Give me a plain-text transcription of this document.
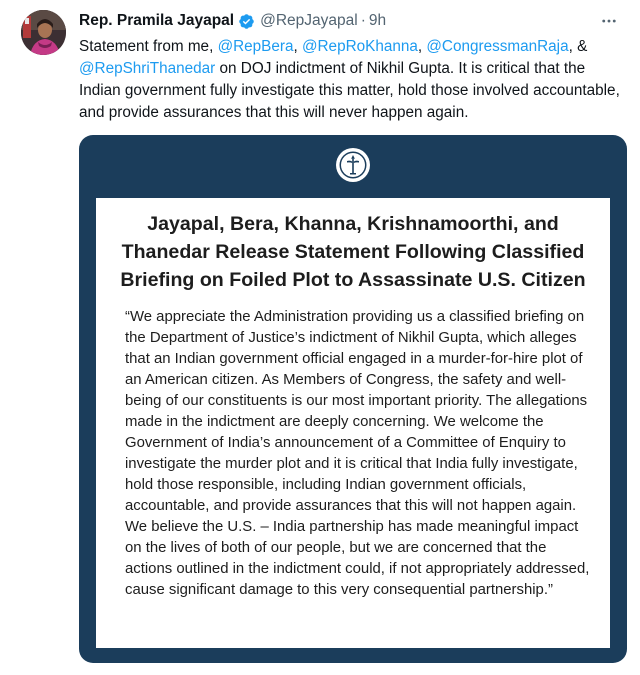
Rep. Pramila Jayapal @RepJayapal · 9h
Statement from me, @RepBera, @RepRoKhanna, @CongressmanRaja, & @RepShriThanedar on DOJ indictment of Nikhil Gupta. It is critical that the Indian government fully investigate this matter, hold those involved accountable, and provide assurances that this will never happen again.
Jayapal, Bera, Khanna, Krishnamoorthi, and Thanedar Release Statement Following Classified Briefing on Foiled Plot to Assassinate U.S. Citizen
“We appreciate the Administration providing us a classified briefing on the Department of Justice’s indictment of Nikhil Gupta, which alleges that an Indian government official engaged in a murder-for-hire plot of an American citizen. As Members of Congress, the safety and well-being of our constituents is our most important priority. The allegations made in the indictment are deeply concerning. We welcome the Government of India’s announcement of a Committee of Enquiry to investigate the murder plot and it is critical that India fully investigate, hold those responsible, including Indian government officials, accountable, and provide assurances that this will not happen again. We believe the U.S. – India partnership has made meaningful impact on the lives of both of our people, but we are concerned that the actions outlined in the indictment could, if not appropriately addressed, cause significant damage to this very consequential partnership.”
